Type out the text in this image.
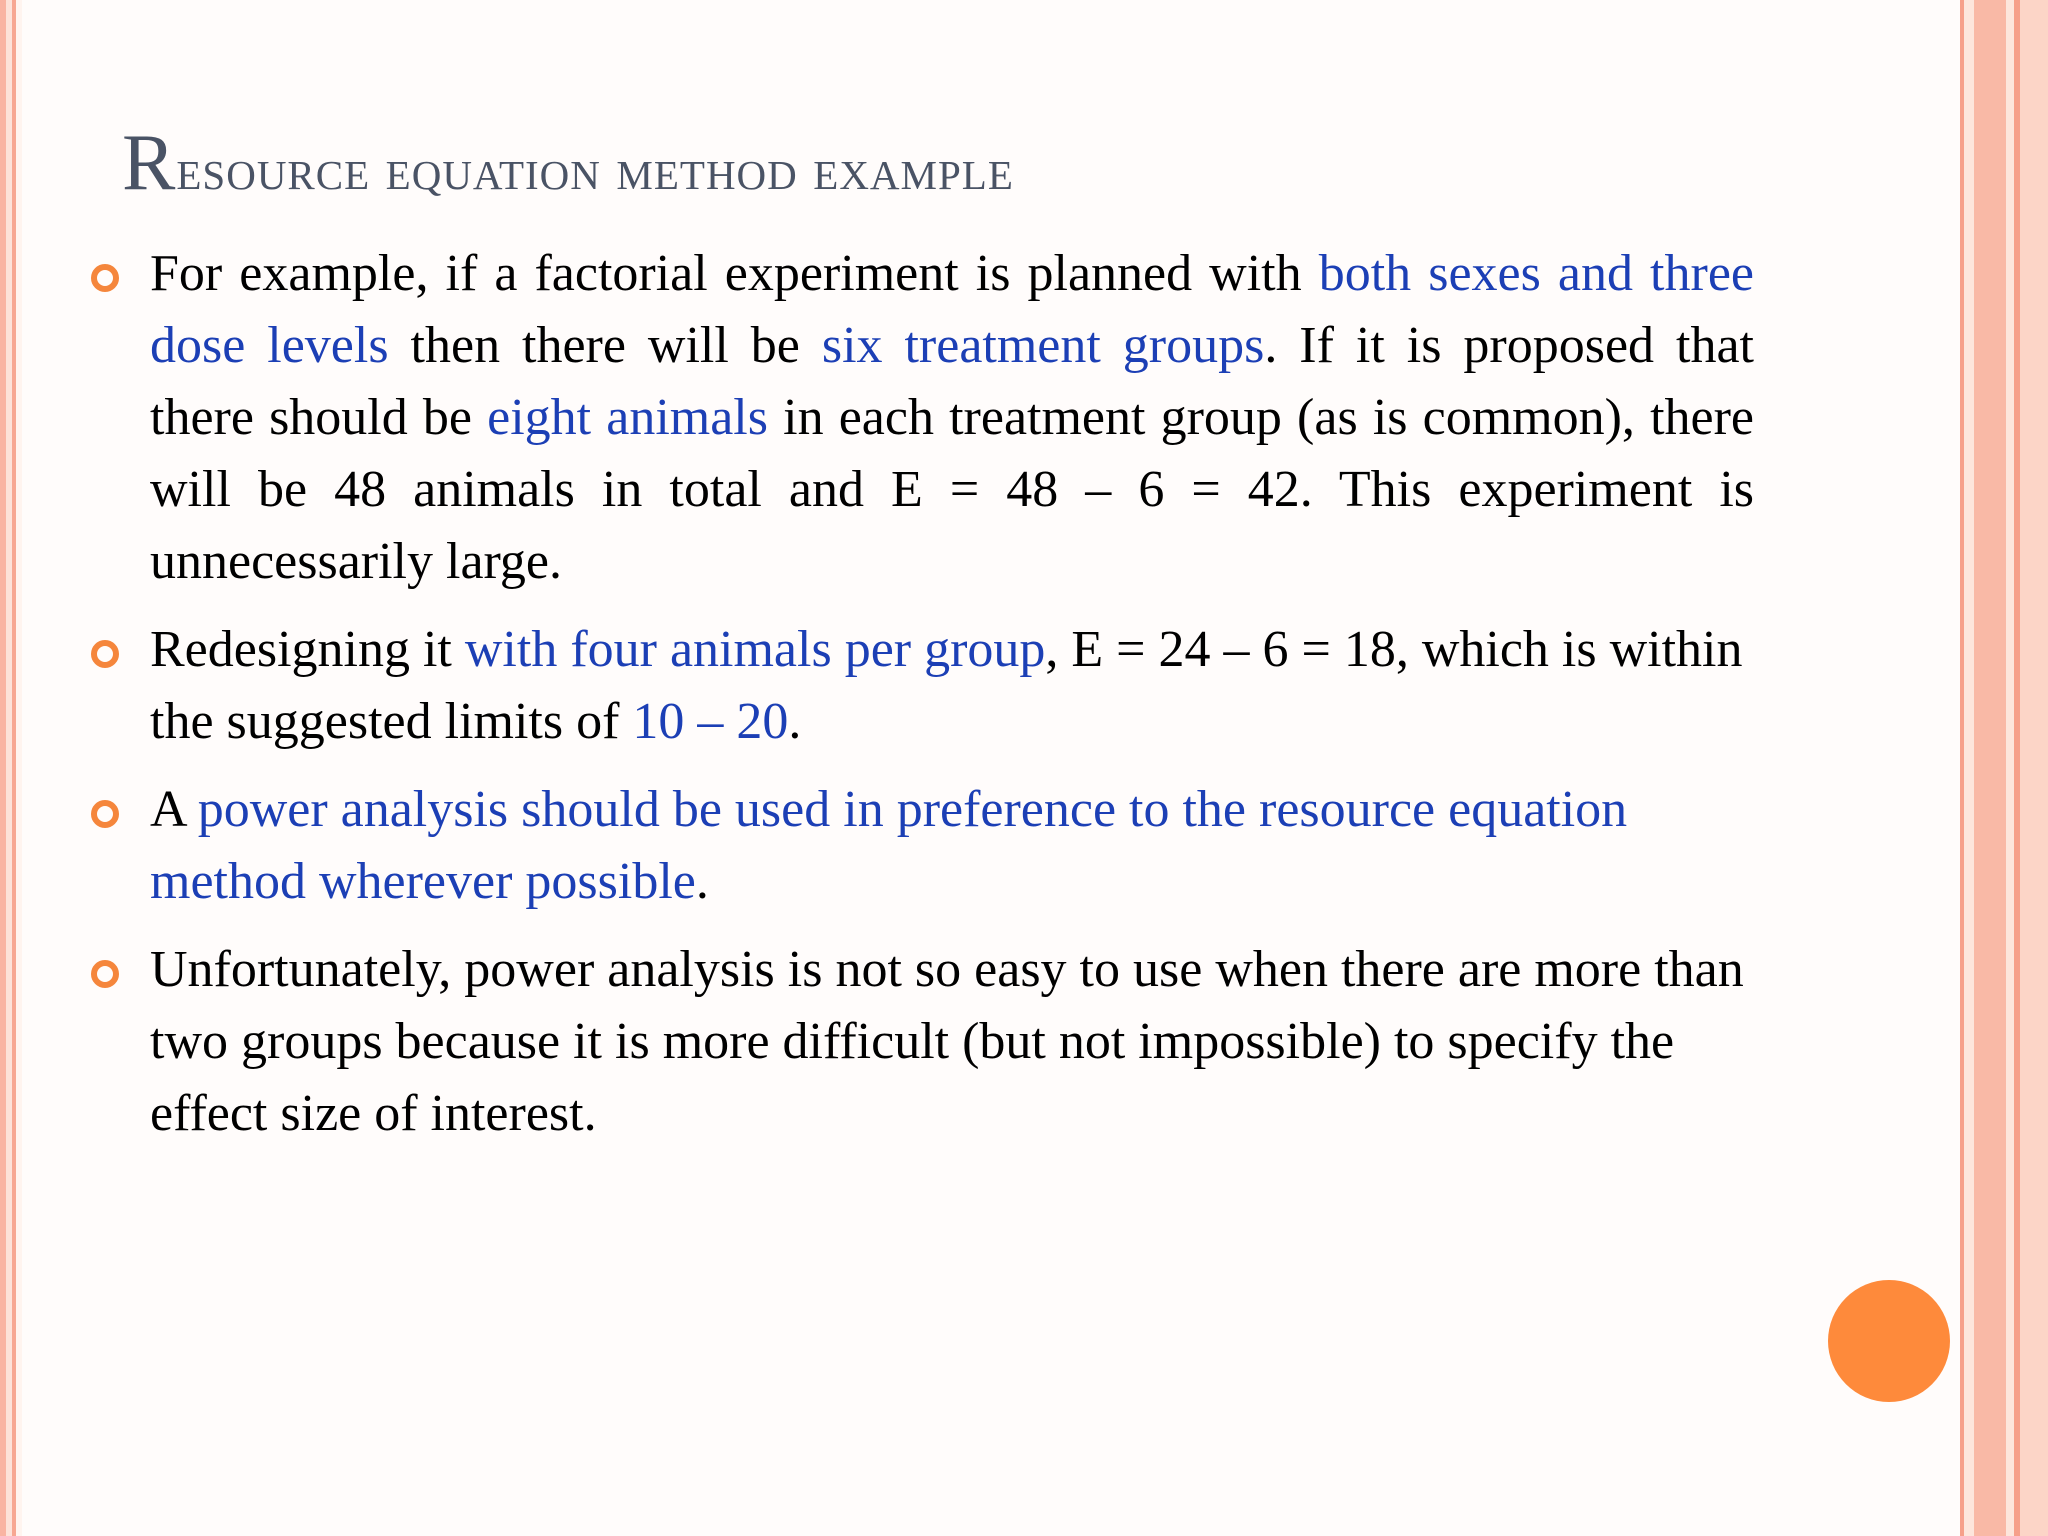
Resource equation method example
For example, if a factorial experiment is planned with both sexes and three dose levels then there will be six treatment groups. If it is proposed that there should be eight animals in each treatment group (as is common), there will be 48 animals in total and E = 48 – 6 = 42. This experiment is unnecessarily large.
Redesigning it with four animals per group, E = 24 – 6 = 18, which is within the suggested limits of 10 – 20.
A power analysis should be used in preference to the resource equation method wherever possible.
Unfortunately, power analysis is not so easy to use when there are more than two groups because it is more difficult (but not impossible) to specify the effect size of interest.
